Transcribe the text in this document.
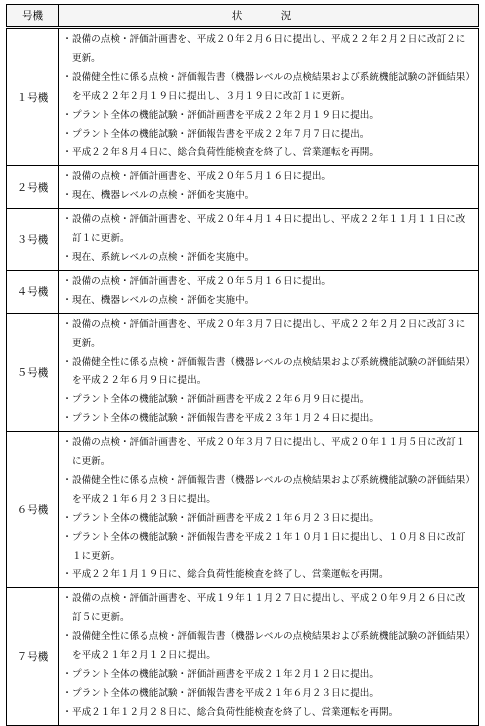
号機	状　況
１号機	・設備の点検・評価計画書を、平成２０年２月６日に提出し、平成２２年２月２日に改訂２に更新。
・設備健全性に係る点検・評価報告書（機器レベルの点検結果および系統機能試験の評価結果）を平成２２年２月１９日に提出し、３月１９日に改訂１に更新。
・プラント全体の機能試験・評価計画書を平成２２年２月１９日に提出。
・プラント全体の機能試験・評価報告書を平成２２年７月７日に提出。
・平成２２年８月４日に、総合負荷性能検査を終了し、営業運転を再開。

２号機	・設備の点検・評価計画書を、平成２０年５月１６日に提出。
・現在、機器レベルの点検・評価を実施中。

３号機	・設備の点検・評価計画書を、平成２０年４月１４日に提出し、平成２２年１１月１１日に改訂１に更新。
・現在、系統レベルの点検・評価を実施中。

４号機	・設備の点検・評価計画書を、平成２０年５月１６日に提出。
・現在、機器レベルの点検・評価を実施中。

５号機	・設備の点検・評価計画書を、平成２０年３月７日に提出し、平成２２年２月２日に改訂３に更新。
・設備健全性に係る点検・評価報告書（機器レベルの点検結果および系統機能試験の評価結果）を平成２２年６月９日に提出。
・プラント全体の機能試験・評価計画書を平成２２年６月９日に提出。
・プラント全体の機能試験・評価報告書を平成２３年１月２４日に提出。

６号機	・設備の点検・評価計画書を、平成２０年３月７日に提出し、平成２０年１１月５日に改訂１に更新。
・設備健全性に係る点検・評価報告書（機器レベルの点検結果および系統機能試験の評価結果）を平成２１年６月２３日に提出。
・プラント全体の機能試験・評価計画書を平成２１年６月２３日に提出。
・プラント全体の機能試験・評価報告書を平成２１年１０月１日に提出し、１０月８日に改訂１に更新。
・平成２２年１月１９日に、総合負荷性能検査を終了し、営業運転を再開。

７号機	・設備の点検・評価計画書を、平成１９年１１月２７日に提出し、平成２０年９月２６日に改訂５に更新。
・設備健全性に係る点検・評価報告書（機器レベルの点検結果および系統機能試験の評価結果）を平成２１年２月１２日に提出。
・プラント全体の機能試験・評価計画書を平成２１年２月１２日に提出。
・プラント全体の機能試験・評価報告書を平成２１年６月２３日に提出。
・平成２１年１２月２８日に、総合負荷性能検査を終了し、営業運転を再開。
